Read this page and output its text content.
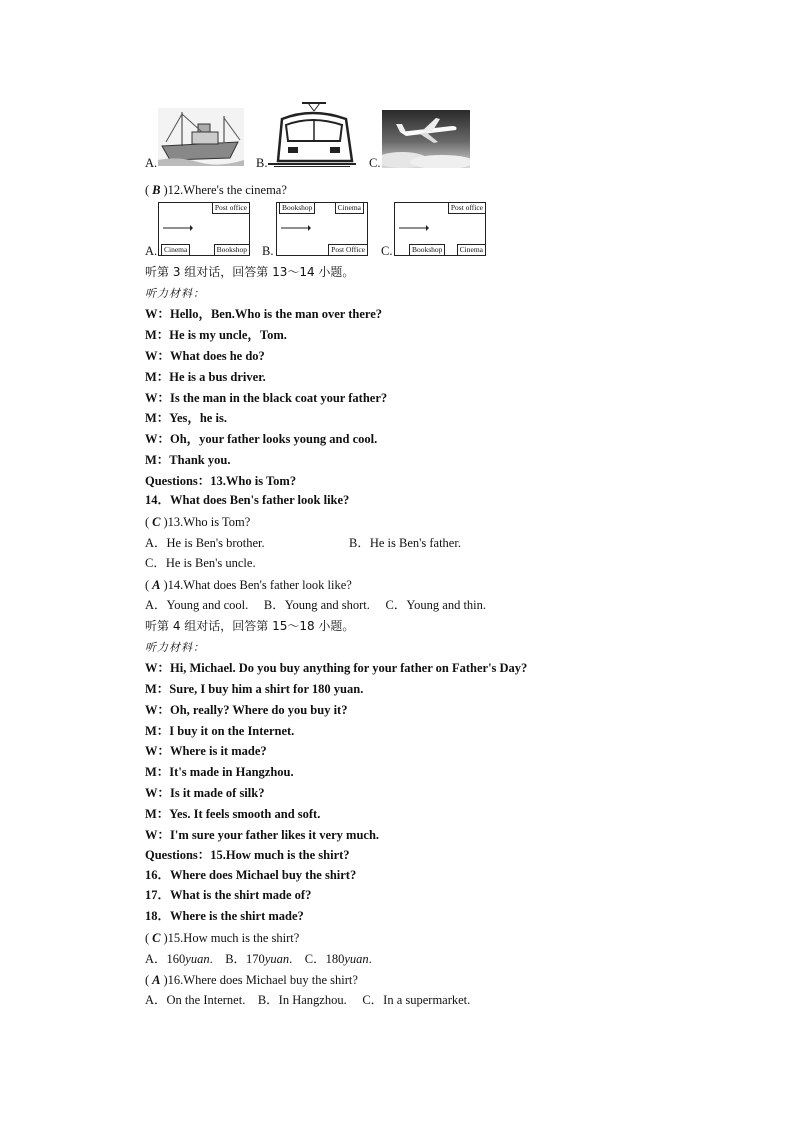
A.	B.	C.
( B )12.Where's the cinema?
Post office
Cinema	Bookshop
A.
Bookshop	Cinema
Post Office
B.
Post office
Bookshop	Cinema
C.
听第 3 组对话，回答第 13～14 小题。
听力材料：
W：Hello，Ben.Who is the man over there?
M：He is my uncle，Tom.
W：What does he do?
M：He is a bus driver.
W：Is the man in the black coat your father?
M：Yes，he is.
W：Oh，your father looks young and cool.
M：Thank you.
Questions：13.Who is Tom?
14．What does Ben's father look like?
( C )13.Who is Tom?
A．He is Ben's brother.	B．He is Ben's father.
C．He is Ben's uncle.
( A )14.What does Ben's father look like?
A．Young and cool.　 B．Young and short.　 C．Young and thin.
听第 4 组对话，回答第 15～18 小题。
听力材料：
W：Hi, Michael. Do you buy anything for your father on Father's Day?
M：Sure, I buy him a shirt for 180 yuan.
W：Oh, really? Where do you buy it?
M：I buy it on the Internet.
W：Where is it made?
M：It's made in Hangzhou.
W：Is it made of silk?
M：Yes. It feels smooth and soft.
W：I'm sure your father likes it very much.
Questions：15.How much is the shirt?
16．Where does Michael buy the shirt?
17．What is the shirt made of?
18．Where is the shirt made?
( C )15.How much is the shirt?
A．160yuan.　B．170yuan.　C．180yuan.
( A )16.Where does Michael buy the shirt?
A．On the Internet.　B．In Hangzhou.　 C．In a supermarket.
